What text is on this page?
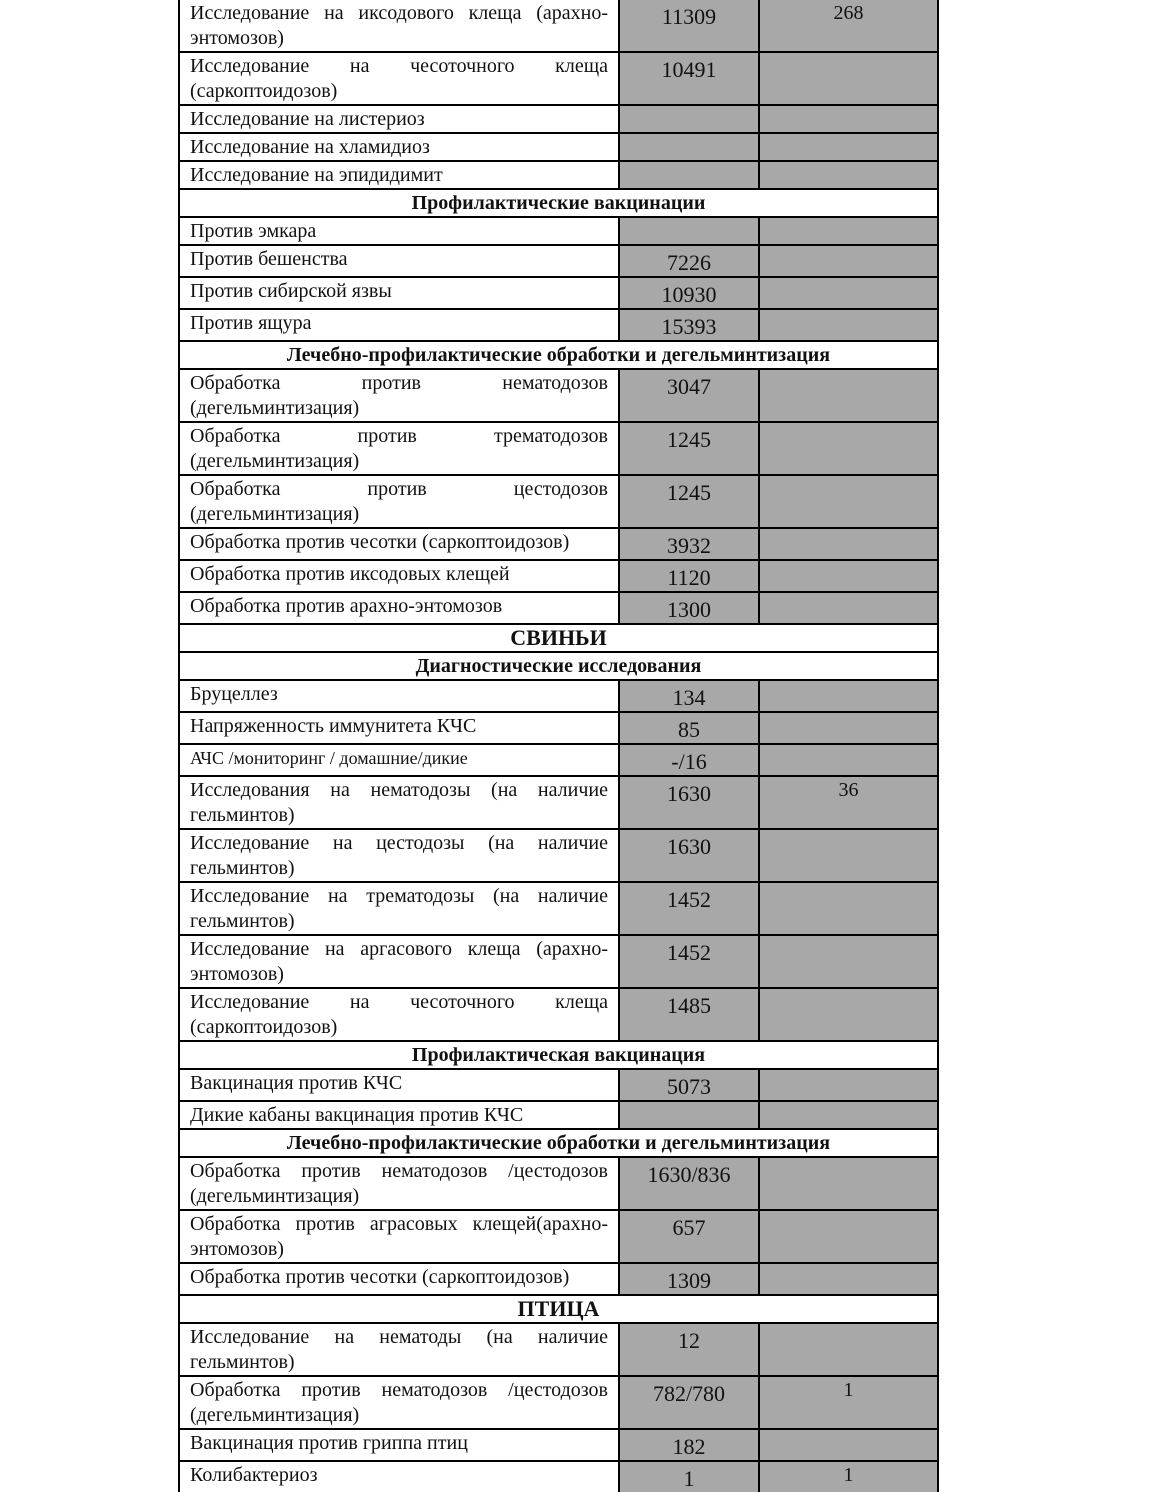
Исследование на иксодового клеща (арахно-энтомозов)	11309	268
Исследование на чесоточного клеща (саркоптоидозов)	10491	
Исследование на листериоз		
Исследование на хламидиоз		
Исследование на эпидидимит		
Профилактические вакцинации		
Против эмкара		
Против бешенства	7226	
Против сибирской язвы	10930	
Против ящура	15393	
Лечебно-профилактические обработки и дегельминтизация		
Обработка против нематодозов (дегельминтизация)	3047	
Обработка против трематодозов (дегельминтизация)	1245	
Обработка против цестодозов (дегельминтизация)	1245	
Обработка против чесотки (саркоптоидозов)	3932	
Обработка против иксодовых клещей	1120	
Обработка против арахно-энтомозов	1300	
СВИНЬИ		
Диагностические исследования		
Бруцеллез	134	
Напряженность иммунитета КЧС	85	
АЧС /мониторинг / домашние/дикие	-/16	
Исследования на нематодозы (на наличие гельминтов)	1630	36
Исследование на цестодозы (на наличие гельминтов)	1630	
Исследование на трематодозы (на наличие гельминтов)	1452	
Исследование на аргасового клеща (арахно-энтомозов)	1452	
Исследование на чесоточного клеща (саркоптоидозов)	1485	
Профилактическая вакцинация		
Вакцинация против КЧС	5073	
Дикие кабаны вакцинация против КЧС		
Лечебно-профилактические обработки и дегельминтизация		
Обработка против нематодозов /цестодозов (дегельминтизация)	1630/836	
Обработка против аграсовых клещей(арахно-энтомозов)	657	
Обработка против чесотки (саркоптоидозов)	1309	
ПТИЦА		
Исследование на нематоды (на наличие гельминтов)	12	
Обработка против нематодозов /цестодозов (дегельминтизация)	782/780	1
Вакцинация против гриппа птиц	182	
Колибактериоз	1	1
